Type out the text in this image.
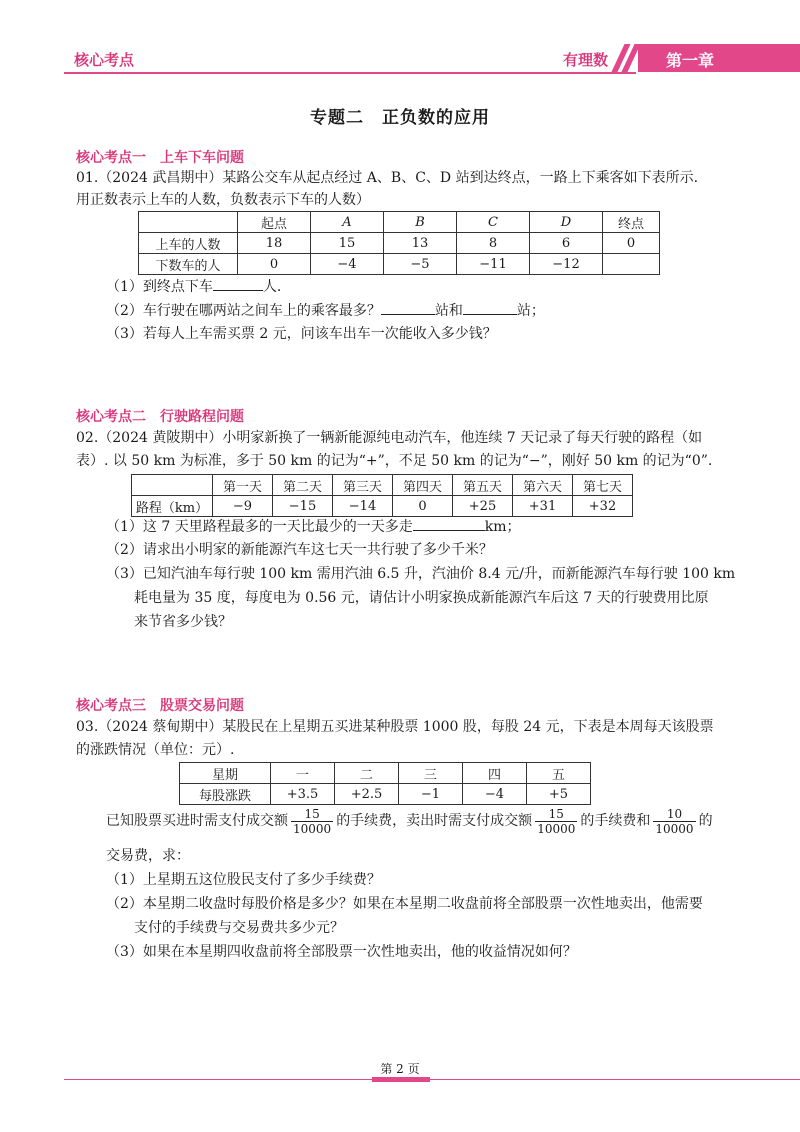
核心考点	有理数	第一章
专题二　正负数的应用
核心考点一　上车下车问题
01.（2024 武昌期中）某路公交车从起点经过 A、B、C、D 站到达终点，一路上下乘客如下表所示.
用正数表示上车的人数，负数表示下车的人数）
	起点	A	B	C	D	终点
上车的人数	18	15	13	8	6	0
下数车的人	0	−4	−5	−11	−12	
（1）到终点下车	人.
（2）车行驶在哪两站之间车上的乘客最多？	站和	站；
（3）若每人上车需买票 2 元，问该车出车一次能收入多少钱？
核心考点二　行驶路程问题
02.（2024 黄陂期中）小明家新换了一辆新能源纯电动汽车，他连续 7 天记录了每天行驶的路程（如
表）. 以 50 km 为标准，多于 50 km 的记为“+”，不足 50 km 的记为“−”，刚好 50 km 的记为“0”.
	第一天	第二天	第三天	第四天	第五天	第六天	第七天
路程（km）	−9	−15	−14	0	+25	+31	+32
（1）这 7 天里路程最多的一天比最少的一天多走	km；
（2）请求出小明家的新能源汽车这七天一共行驶了多少千米？
（3）已知汽油车每行驶 100 km 需用汽油 6.5 升，汽油价 8.4 元/升，而新能源汽车每行驶 100 km
耗电量为 35 度，每度电为 0.56 元，请估计小明家换成新能源汽车后这 7 天的行驶费用比原
来节省多少钱？
核心考点三　股票交易问题
03.（2024 蔡甸期中）某股民在上星期五买进某种股票 1000 股，每股 24 元，下表是本周每天该股票
的涨跌情况（单位：元）.
星期	一	二	三	四	五
每股涨跌	+3.5	+2.5	−1	−4	+5
已知股票买进时需支付成交额 $\frac{15}{10000}$ 的手续费，卖出时需支付成交额 $\frac{15}{10000}$ 的手续费和 $\frac{10}{10000}$ 的
交易费，求：
（1）上星期五这位股民支付了多少手续费？
（2）本星期二收盘时每股价格是多少？如果在本星期二收盘前将全部股票一次性地卖出，他需要
支付的手续费与交易费共多少元？
（3）如果在本星期四收盘前将全部股票一次性地卖出，他的收益情况如何？
第 2 页
